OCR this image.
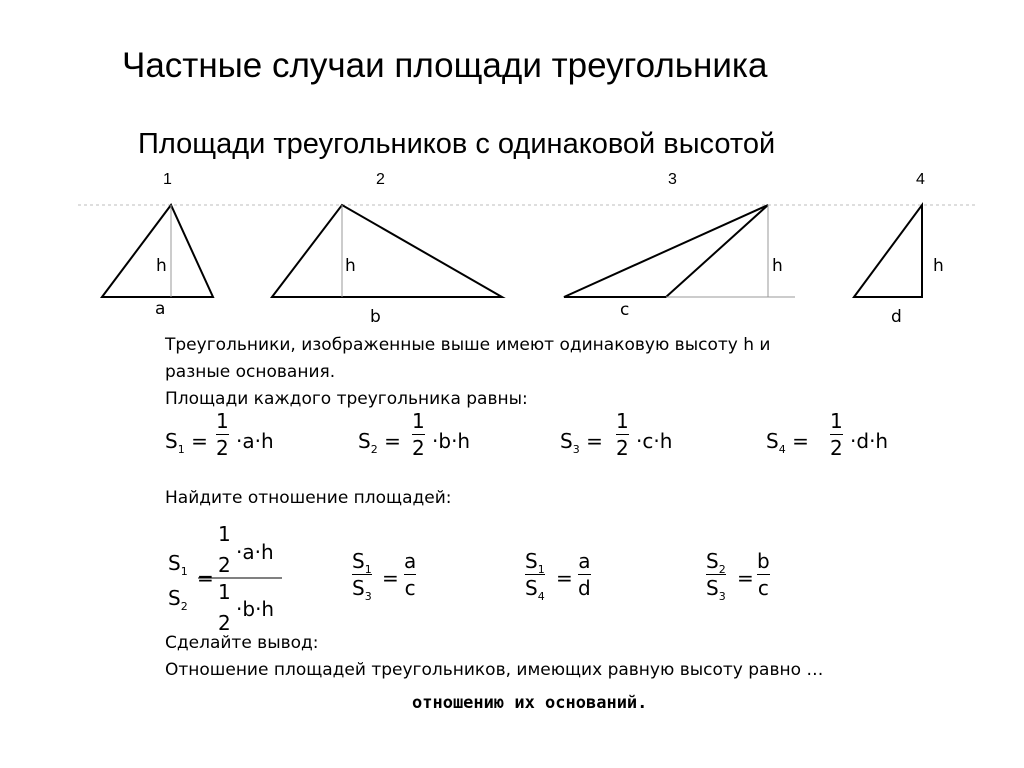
Частные случаи площади треугольника
Площади треугольников с одинаковой высотой
1	2	3	4
h
a
h
b
h
c
h
d
Треугольники, изображенные выше имеют одинаковую высоту h и
разные основания.
Площади каждого треугольника равны:
$S_1$ =
1
2 ·a·h	$S_2$ =
1
2 ·b·h	$S_3$ =
1
2 ·c·h	$S_4$ =
1
2 ·d·h
Найдите отношение площадей:
$S_1$
$S_2$
=
1
·a·h
2
1
·b·h
2
$S_1$
$S_3$
=
a
c
$S_1$
$S_4$
=
a
d
$S_2$
$S_3$
=
b
c
Сделайте вывод:
Отношение площадей треугольников, имеющих равную высоту равно …
отношению их оснований.
